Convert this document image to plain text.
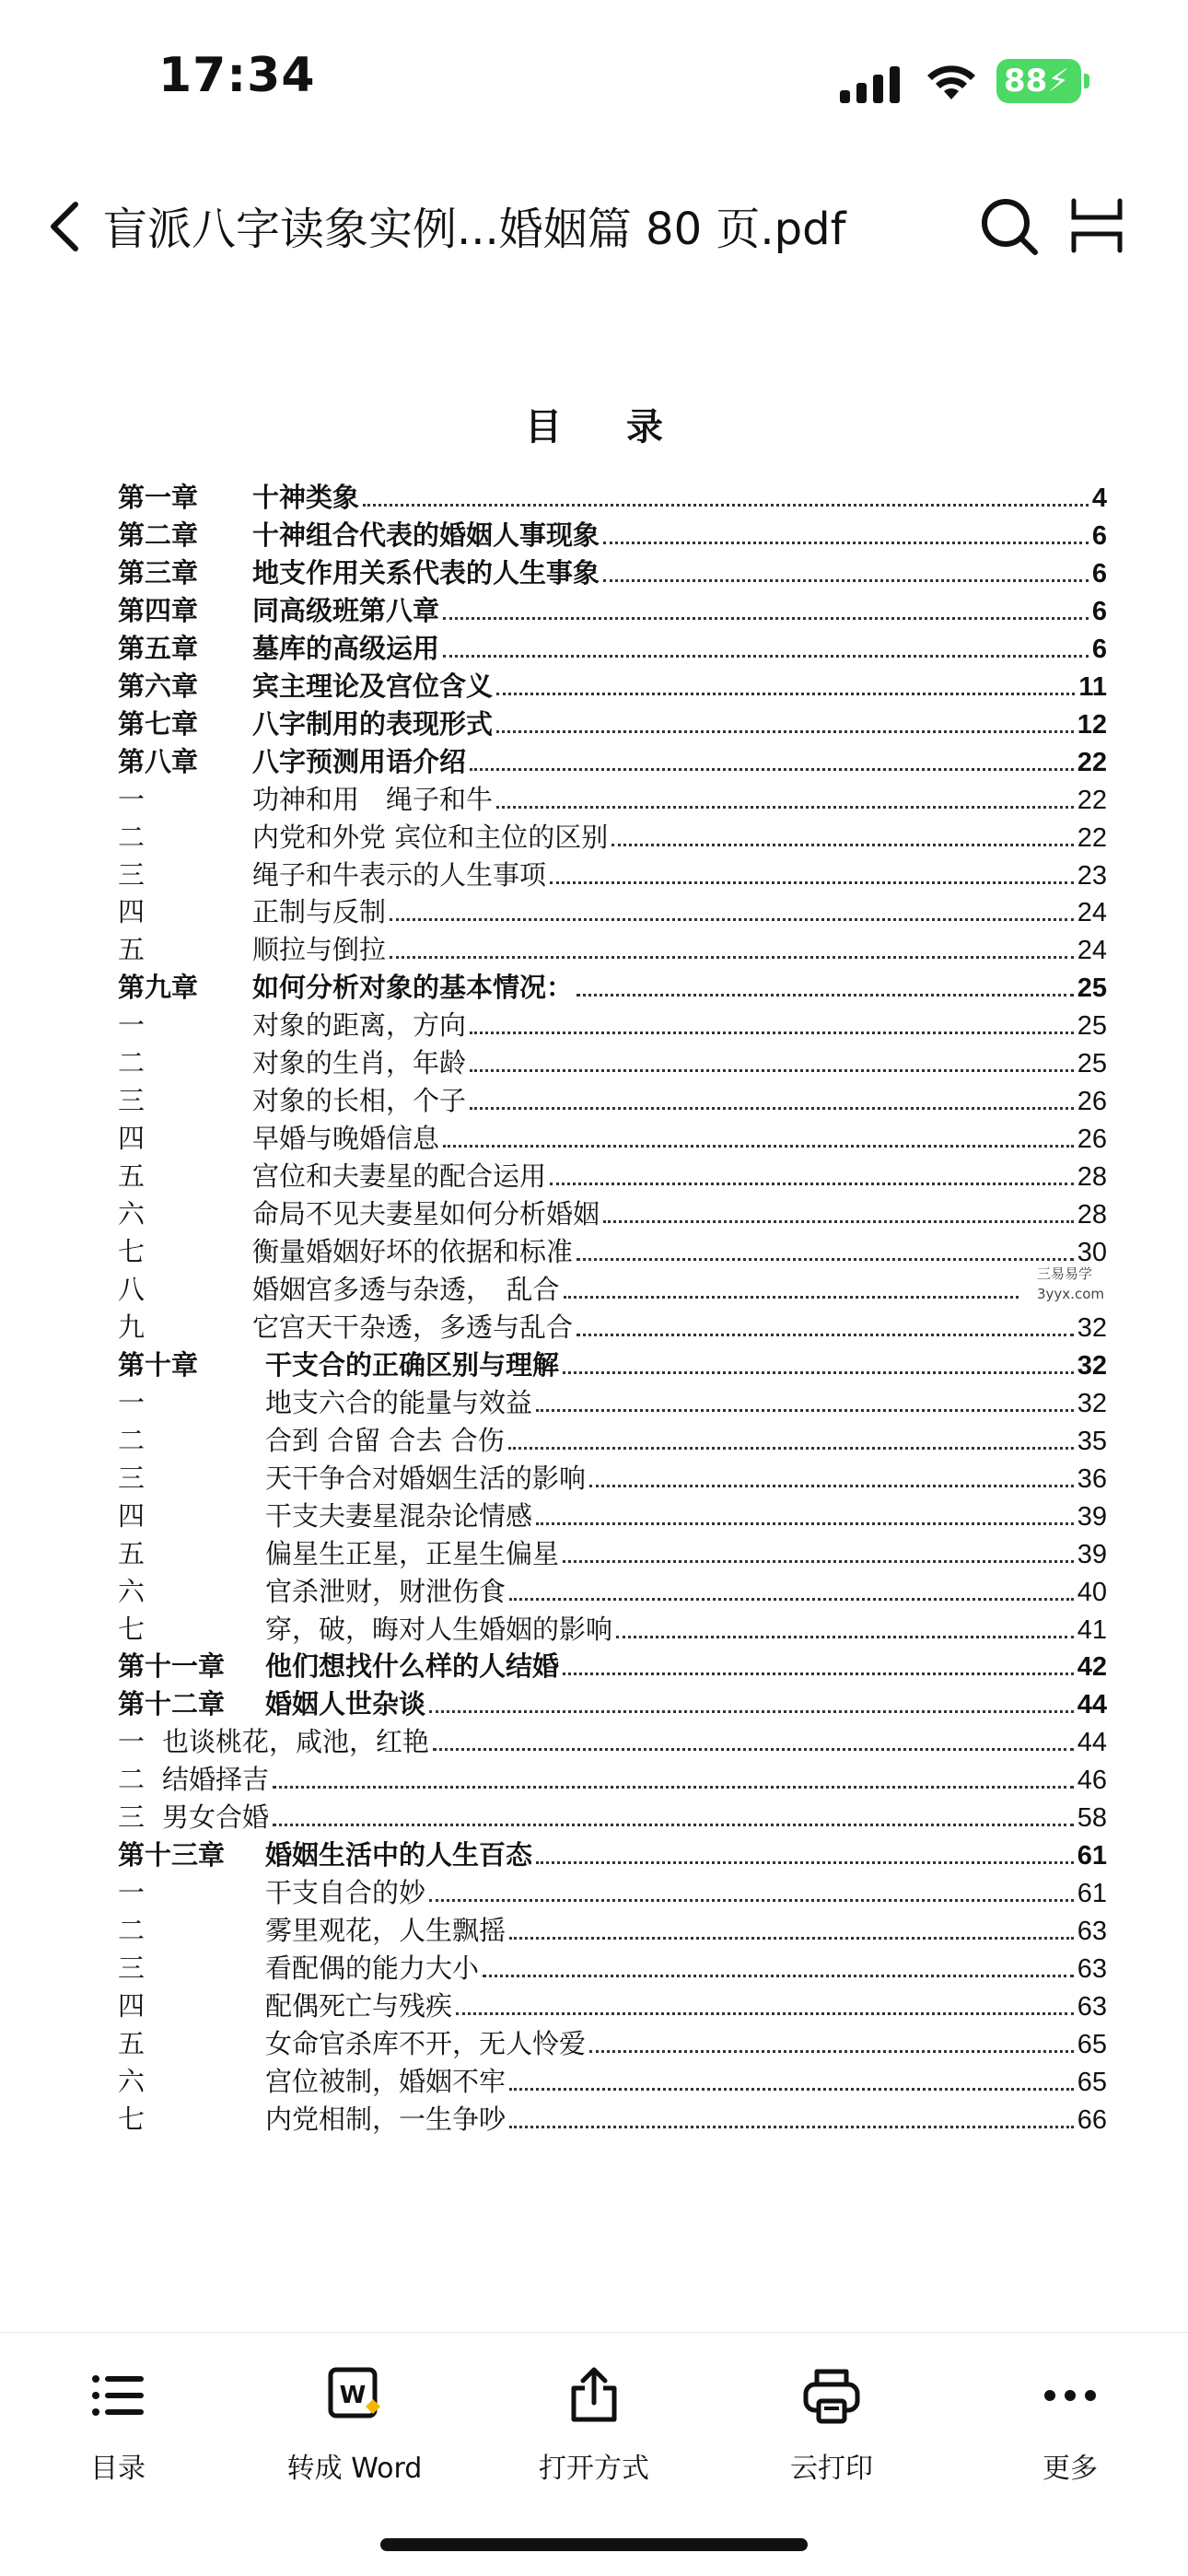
17:34	88⚡
盲派八字读象实例...婚姻篇 80 页.pdf
目录
第一章	十神类象	4
第二章	十神组合代表的婚姻人事现象	6
第三章	地支作用关系代表的人生事象	6
第四章	同高级班第八章	6
第五章	墓库的高级运用	6
第六章	宾主理论及宫位含义	11
第七章	八字制用的表现形式	12
第八章	八字预测用语介绍	22
一	功神和用　绳子和牛	22
二	内党和外党 宾位和主位的区别	22
三	绳子和牛表示的人生事项	23
四	正制与反制	24
五	顺拉与倒拉	24
第九章	如何分析对象的基本情况：	25
一	对象的距离，方向	25
二	对象的生肖，年龄	25
三	对象的长相，个子	26
四	早婚与晚婚信息	26
五	宫位和夫妻星的配合运用	28
六	命局不见夫妻星如何分析婚姻	28
七	衡量婚姻好坏的依据和标准	30
八	婚姻宫多透与杂透，　乱合
九	它宫天干杂透，多透与乱合	32
第十章	干支合的正确区别与理解	32
一	地支六合的能量与效益	32
二	合到 合留 合去 合伤	35
三	天干争合对婚姻生活的影响	36
四	干支夫妻星混杂论情感	39
五	偏星生正星，正星生偏星	39
六	官杀泄财，财泄伤食	40
七	穿，破，晦对人生婚姻的影响	41
第十一章	他们想找什么样的人结婚	42
第十二章	婚姻人世杂谈	44
一 也谈桃花，咸池，红艳	44
二 结婚择吉	46
三 男女合婚	58
第十三章	婚姻生活中的人生百态	61
一	干支自合的妙	61
二	雾里观花，人生飘摇	63
三	看配偶的能力大小	63
四	配偶死亡与残疾	63
五	女命官杀库不开，无人怜爱	65
六	宫位被制，婚姻不牢	65
七	内党相制，一生争吵	66
三易易学
3yyx.com
目录
W
转成 Word	打开方式	云打印	更多
